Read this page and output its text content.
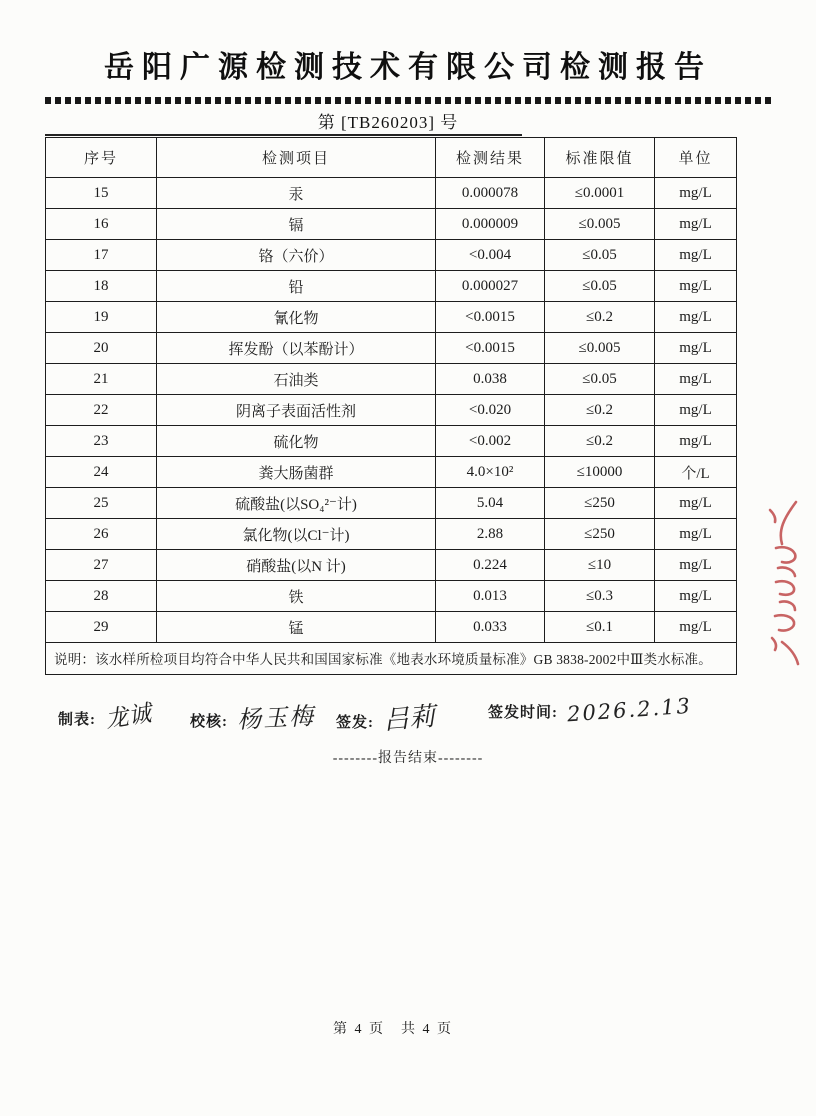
岳阳广源检测技术有限公司检测报告
第 [TB260203] 号
序号	检测项目	检测结果	标准限值	单位
15	汞	0.000078	≤0.0001	mg/L
16	镉	0.000009	≤0.005	mg/L
17	铬（六价）	<0.004	≤0.05	mg/L
18	铅	0.000027	≤0.05	mg/L
19	氰化物	<0.0015	≤0.2	mg/L
20	挥发酚（以苯酚计）	<0.0015	≤0.005	mg/L
21	石油类	0.038	≤0.05	mg/L
22	阴离子表面活性剂	<0.020	≤0.2	mg/L
23	硫化物	<0.002	≤0.2	mg/L
24	粪大肠菌群	4.0×10²	≤10000	个/L
25	硫酸盐(以SO₄²⁻计)	5.04	≤250	mg/L
26	氯化物(以Cl⁻计)	2.88	≤250	mg/L
27	硝酸盐(以N 计)	0.224	≤10	mg/L
28	铁	0.013	≤0.3	mg/L
29	锰	0.033	≤0.1	mg/L
说明：该水样所检项目均符合中华人民共和国国家标准《地表水环境质量标准》GB 3838-2002中Ⅲ类水标准。				
制表: 龙诚 校核: 杨玉梅 签发: 吕莉	签发时间: 2026.2.13
--------报告结束--------
第 4 页　共 4 页
